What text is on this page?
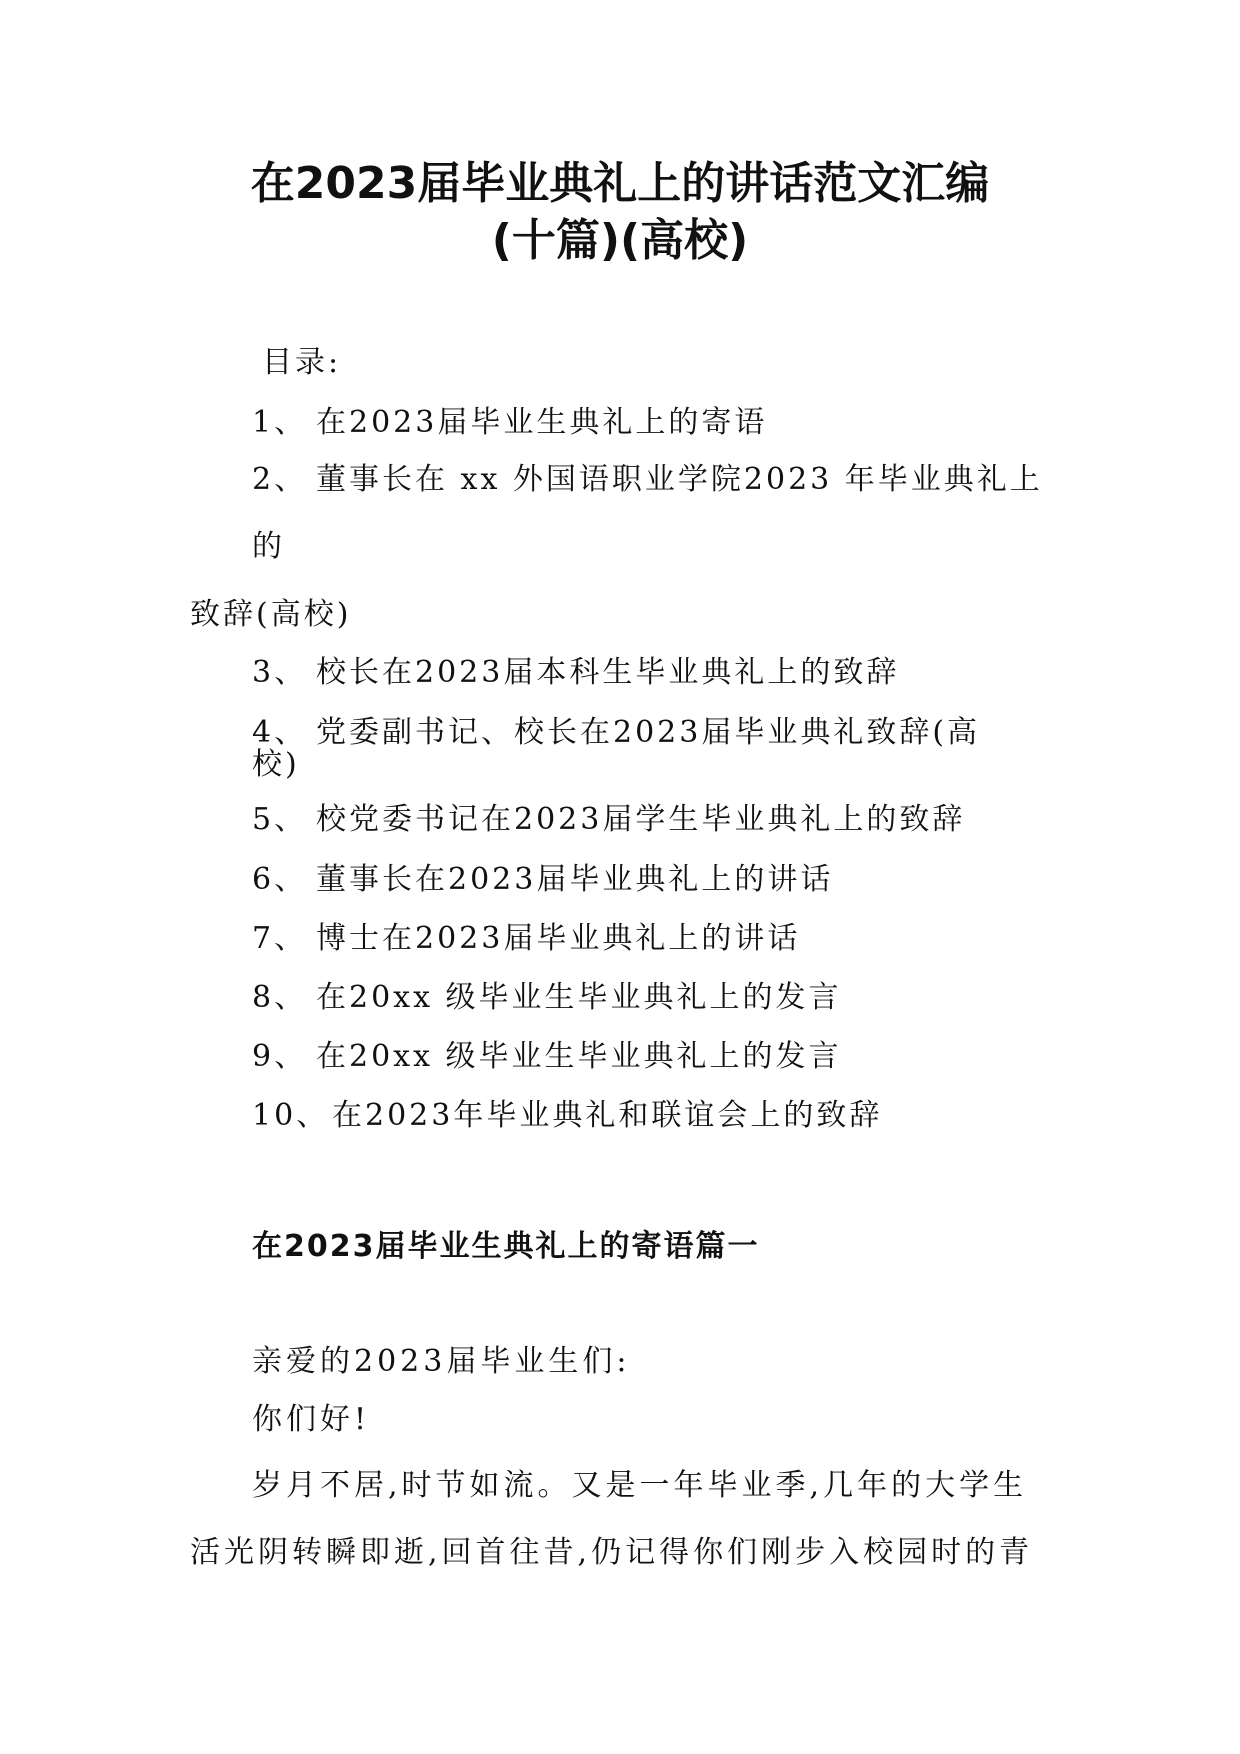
在2023届毕业典礼上的讲话范文汇编
(十篇)(高校)
目录:
1、 在2023届毕业生典礼上的寄语
2、 董事长在 xx 外国语职业学院2023 年毕业典礼上
的
致辞(高校)
3、 校长在2023届本科生毕业典礼上的致辞
4、 党委副书记、校长在2023届毕业典礼致辞(高
校)
5、 校党委书记在2023届学生毕业典礼上的致辞
6、 董事长在2023届毕业典礼上的讲话
7、 博士在2023届毕业典礼上的讲话
8、 在20xx 级毕业生毕业典礼上的发言
9、 在20xx 级毕业生毕业典礼上的发言
10、在2023年毕业典礼和联谊会上的致辞
在2023届毕业生典礼上的寄语篇一
亲爱的2023届毕业生们:
你们好!
岁月不居,时节如流。又是一年毕业季,几年的大学生
活光阴转瞬即逝,回首往昔,仍记得你们刚步入校园时的青
